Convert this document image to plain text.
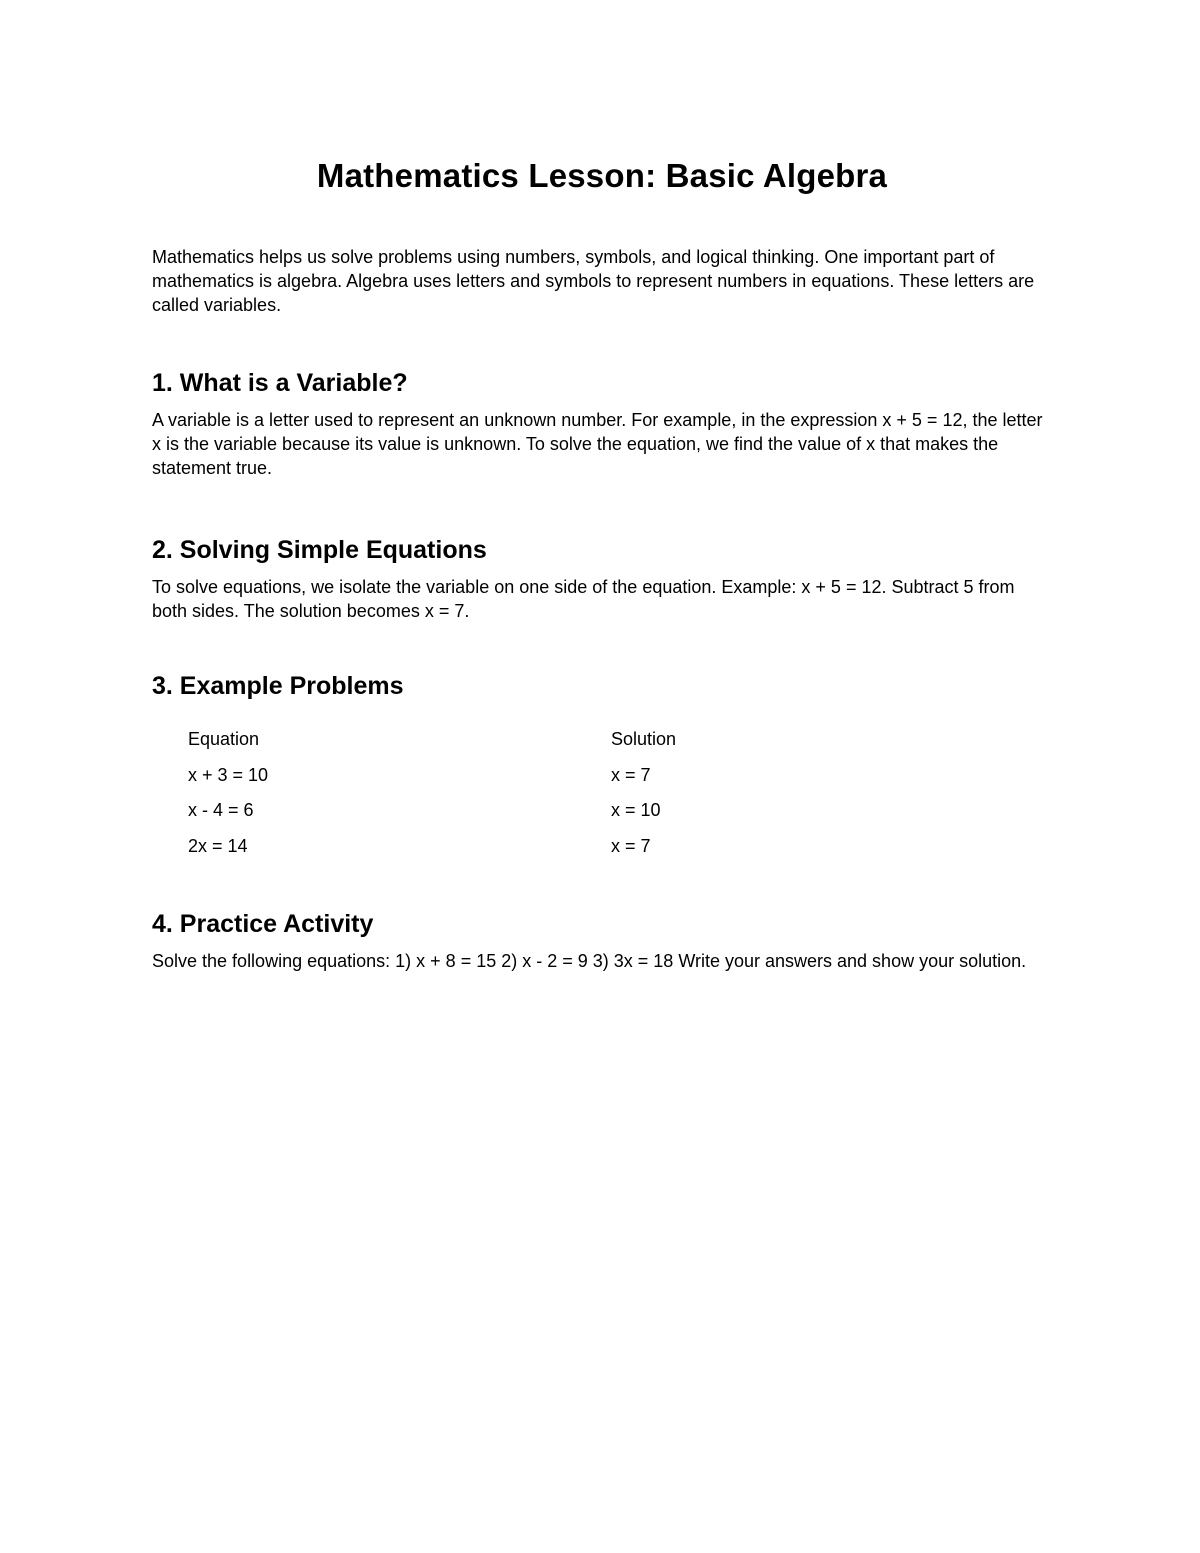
Mathematics Lesson: Basic Algebra

Mathematics helps us solve problems using numbers, symbols, and logical thinking. One important part of mathematics is algebra. Algebra uses letters and symbols to represent numbers in equations. These letters are called variables.

1. What is a Variable?

A variable is a letter used to represent an unknown number. For example, in the expression x + 5 = 12, the letter x is the variable because its value is unknown. To solve the equation, we find the value of x that makes the statement true.

2. Solving Simple Equations

To solve equations, we isolate the variable on one side of the equation. Example: x + 5 = 12. Subtract 5 from both sides. The solution becomes x = 7.

3. Example Problems
Equation	Solution
x + 3 = 10	x = 7
x - 4 = 6	x = 10
2x = 14	x = 7
4. Practice Activity

Solve the following equations: 1) x + 8 = 15 2) x - 2 = 9 3) 3x = 18 Write your answers and show your solution.
